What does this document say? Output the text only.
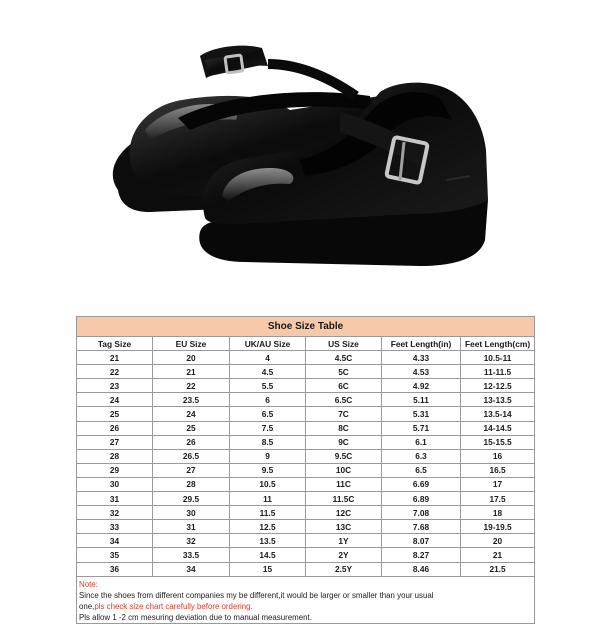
Shoe Size Table					
Tag Size	EU Size	UK/AU Size	US Size	Feet Length(in)	Feet Length(cm)
21	20	4	4.5C	4.33	10.5-11
22	21	4.5	5C	4.53	11-11.5
23	22	5.5	6C	4.92	12-12.5
24	23.5	6	6.5C	5.11	13-13.5
25	24	6.5	7C	5.31	13.5-14
26	25	7.5	8C	5.71	14-14.5
27	26	8.5	9C	6.1	15-15.5
28	26.5	9	9.5C	6.3	16
29	27	9.5	10C	6.5	16.5
30	28	10.5	11C	6.69	17
31	29.5	11	11.5C	6.89	17.5
32	30	11.5	12C	7.08	18
33	31	12.5	13C	7.68	19-19.5
34	32	13.5	1Y	8.07	20
35	33.5	14.5	2Y	8.27	21
36	34	15	2.5Y	8.46	21.5

Note:
Since the shoes from different companies my be different,it would be larger or smaller than your usual
one,pls check size chart carefully before ordering.
Pls allow 1 -2 cm mesuring deviation due to manual measurement.					
